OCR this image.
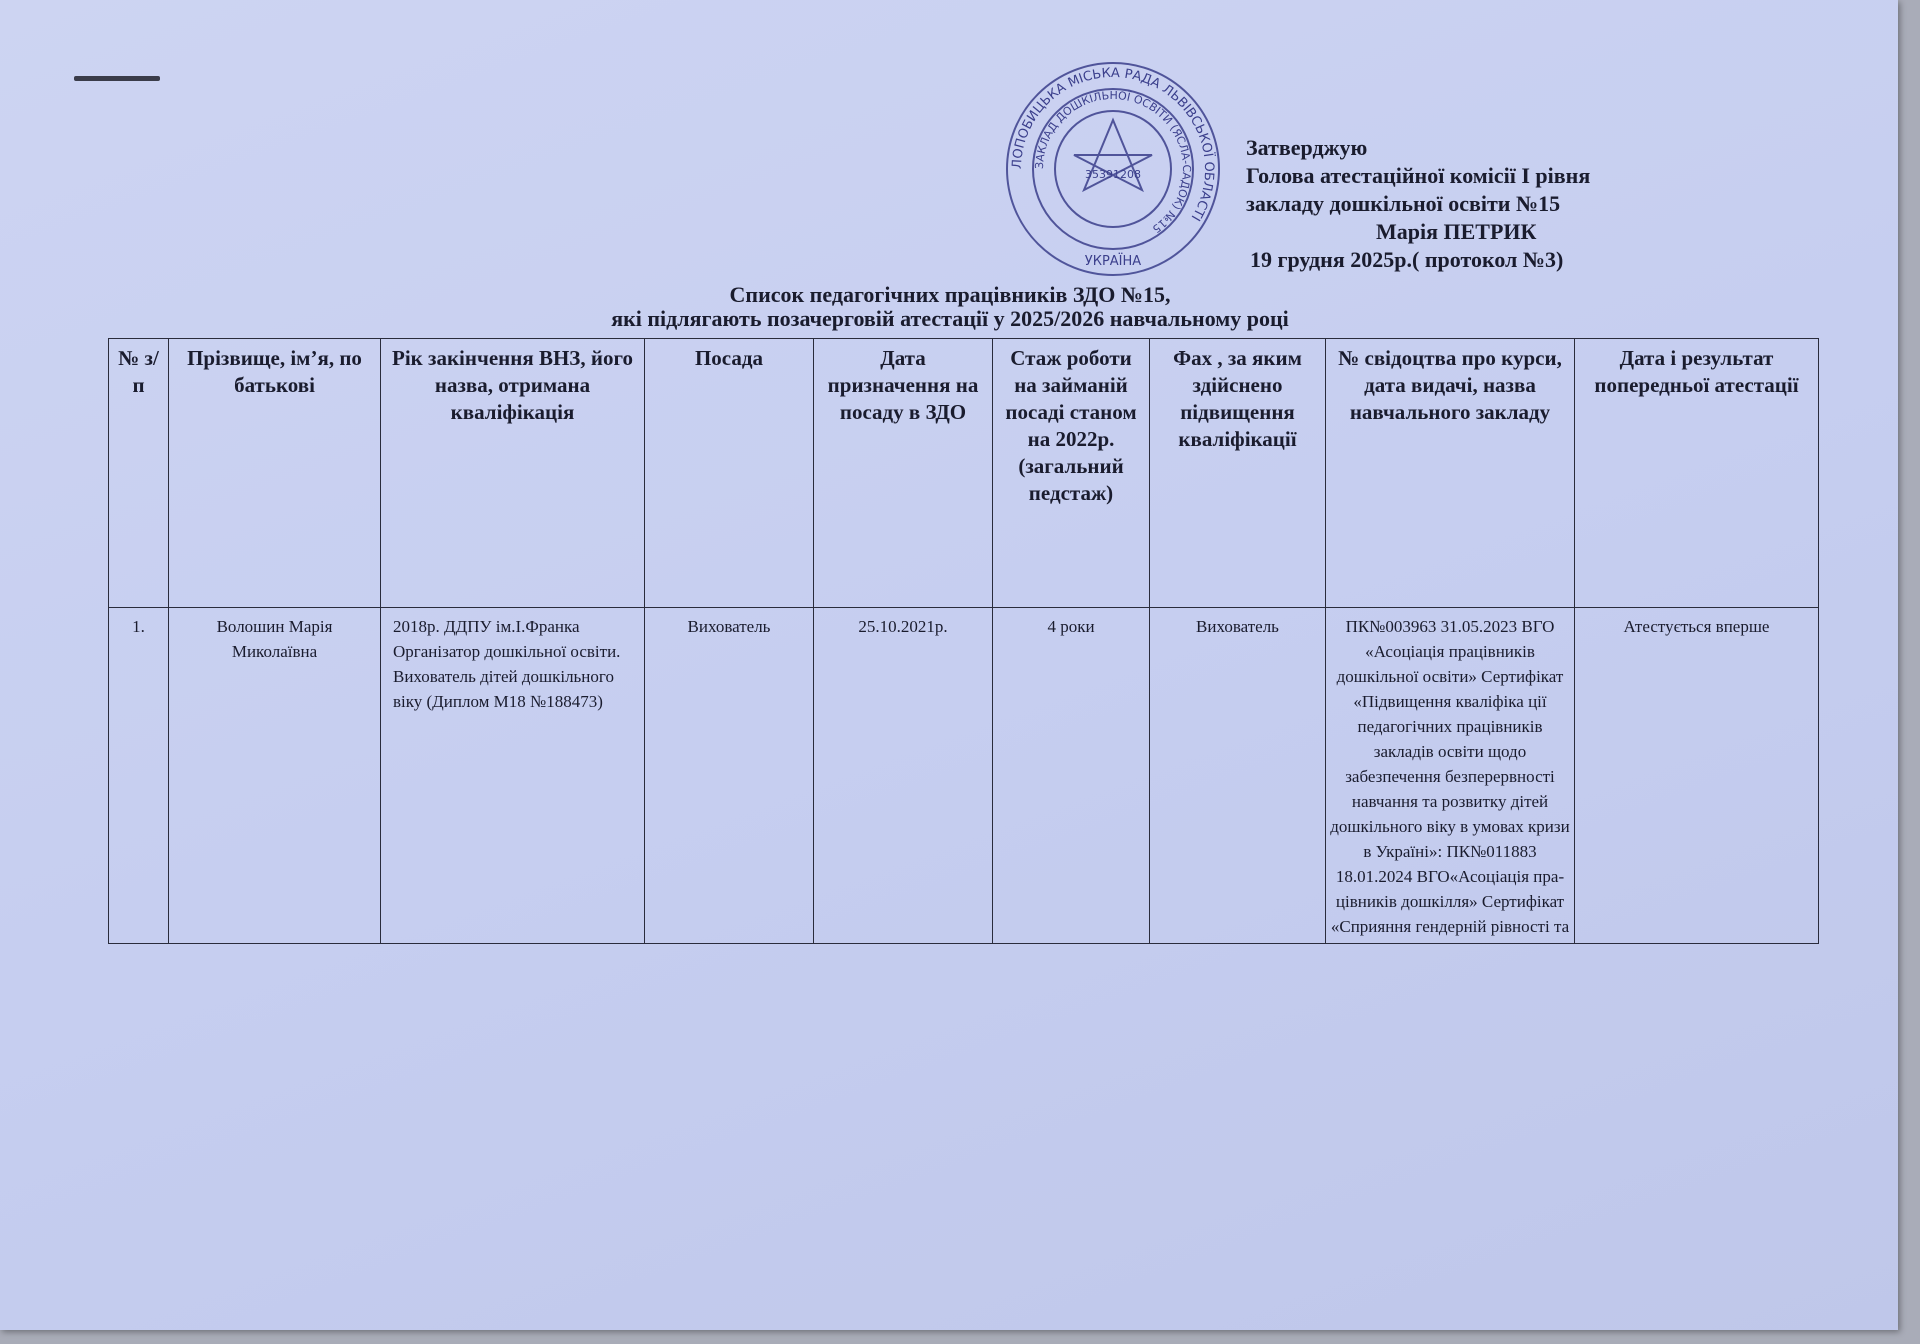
ЛОПОБИЦЬКА МІСЬКА РАДА ЛЬВІВСЬКОЇ ОБЛАСТІ
ЗАКЛАД ДОШКІЛЬНОЇ ОСВІТИ (ЯСЛА-САДОК) №15
35391208
УКРАЇНА
Затверджую
Голова атестаційної комісії І рівня
закладу дошкільної освіти №15
Марія ПЕТРИК
19 грудня 2025р.( протокол №3)
Список педагогічних працівників ЗДО №15,
які підлягають позачерговій атестації у 2025/2026 навчальному році
№ з/п	Прізвище, ім’я, по батькові	Рік закінчення ВНЗ, його назва, отримана кваліфікація	Посада	Дата призначення на посаду в ЗДО	Стаж роботи на займаній посаді станом на 2022р. (загальний педстаж)	Фах , за яким здійснено підвищення кваліфікації	№ свідоцтва про курси, дата видачі, назва навчального закладу	Дата і результат попередньої атестації
1.	Волошин Марія Миколаївна	2018р. ДДПУ ім.І.Франка Організатор дошкільної освіти. Вихователь дітей дошкільного віку (Диплом М18 №188473)	Вихователь	25.10.2021р.	4 роки	Вихователь	ПК№003963 31.05.2023 ВГО «Асоціація працівників дошкільної освіти» Сертифікат «Підвищення кваліфіка ції педагогічних працівників закладів освіти щодо забезпечення безперервності навчання та розвитку дітей дошкільного віку в умовах кризи в Україні»: ПК№011883 18.01.2024 ВГО«Асоціація пра- цівників дошкілля» Сертифікат «Сприяння гендерній рівності та	Атестується вперше
